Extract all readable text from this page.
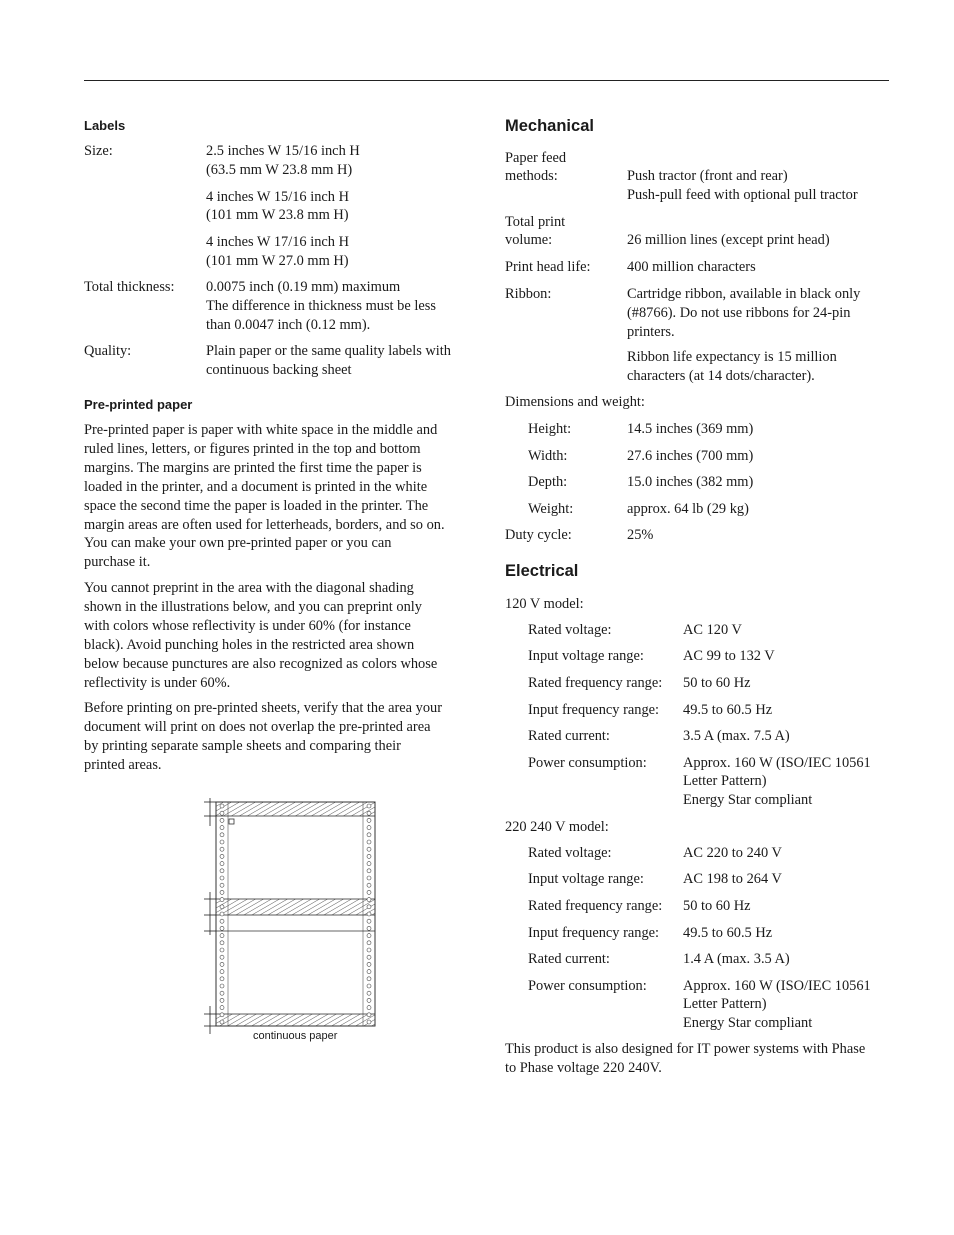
Labels
Size:	2.5 inches W 15/16 inch H
(63.5 mm W 23.8 mm H)
4 inches W 15/16 inch H
(101 mm W 23.8 mm H)
4 inches W 17/16 inch H
(101 mm W 27.0 mm H)
Total thickness: 0.0075 inch (0.19 mm) maximum
The difference in thickness must be less
than 0.0047 inch (0.12 mm).
Quality:	Plain paper or the same quality labels with
continuous backing sheet
Pre-printed paper
Pre-printed paper is paper with white space in the middle and
ruled lines, letters, or figures printed in the top and bottom
margins. The margins are printed the first time the paper is
loaded in the printer, and a document is printed in the white
space the second time the paper is loaded in the printer. The
margin areas are often used for letterheads, borders, and so on.
You can make your own pre-printed paper or you can
purchase it.
You cannot preprint in the area with the diagonal shading
shown in the illustrations below, and you can preprint only
with colors whose reflectivity is under 60% (for instance
black). Avoid punching holes in the restricted area shown
below because punctures are also recognized as colors whose
reflectivity is under 60%.
Before printing on pre-printed sheets, verify that the area your
document will print on does not overlap the pre-printed area
by printing separate sample sheets and comparing their
printed areas.
continuous paper
Mechanical
Paper feed
methods:	Push tractor (front and rear)
Push-pull feed with optional pull tractor
Total print
volume:	26 million lines (except print head)
Print head life:	400 million characters
Ribbon:	Cartridge ribbon, available in black only
(#8766). Do not use ribbons for 24-pin
printers.
Ribbon life expectancy is 15 million
characters (at 14 dots/character).
Dimensions and weight:
Height:	14.5 inches (369 mm)
Width:	27.6 inches (700 mm)
Depth:	15.0 inches (382 mm)
Weight:	approx. 64 lb (29 kg)
Duty cycle:	25%
Electrical
120 V model:
Rated voltage:	AC 120 V
Input voltage range:	AC 99 to 132 V
Rated frequency range: 50 to 60 Hz
Input frequency range: 49.5 to 60.5 Hz
Rated current:	3.5 A (max. 7.5 A)
Power consumption:	Approx. 160 W (ISO/IEC 10561
Letter Pattern)
Energy Star compliant
220 240 V model:
Rated voltage:	AC 220 to 240 V
Input voltage range:	AC 198 to 264 V
Rated frequency range: 50 to 60 Hz
Input frequency range: 49.5 to 60.5 Hz
Rated current:	1.4 A (max. 3.5 A)
Power consumption:	Approx. 160 W (ISO/IEC 10561
Letter Pattern)
Energy Star compliant
This product is also designed for IT power systems with Phase
to Phase voltage 220 240V.
